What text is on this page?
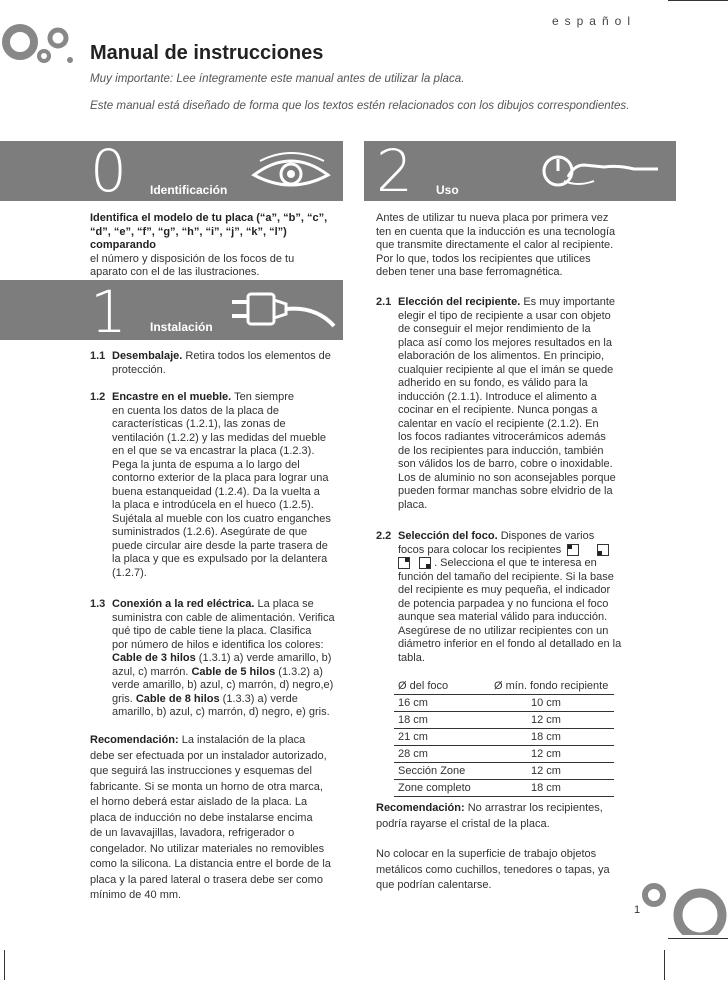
español
Manual de instrucciones
Muy importante: Lee íntegramente este manual antes de utilizar la placa.
Este manual está diseñado de forma que los textos estén relacionados con los dibujos correspondientes.
0 Identificación
Identifica el modelo de tu placa (“a”, “b”, “c”,
“d”, “e”, “f”, “g”, “h”, “i”, “j”, “k”, “l”) comparando
el número y disposición de los focos de tu
aparato con el de las ilustraciones.
1 Instalación
1.1 Desembalaje. Retira todos los elementos de
protección.
1.2 Encastre en el mueble. Ten siempre
en cuenta los datos de la placa de
características (1.2.1), las zonas de
ventilación (1.2.2) y las medidas del mueble
en el que se va encastrar la placa (1.2.3).
Pega la junta de espuma a lo largo del
contorno exterior de la placa para lograr una
buena estanqueidad (1.2.4). Da la vuelta a
la placa e introdúcela en el hueco (1.2.5).
Sujétala al mueble con los cuatro enganches
suministrados (1.2.6). Asegúrate de que
puede circular aire desde la parte trasera de
la placa y que es expulsado por la delantera
(1.2.7).
1.3 Conexión a la red eléctrica. La placa se
suministra con cable de alimentación. Verifica
qué tipo de cable tiene la placa. Clasifica
por número de hilos e identifica los colores:
Cable de 3 hilos (1.3.1) a) verde amarillo, b)
azul, c) marrón. Cable de 5 hilos (1.3.2) a)
verde amarillo, b) azul, c) marrón, d) negro,e)
gris. Cable de 8 hilos (1.3.3) a) verde
amarillo, b) azul, c) marrón, d) negro, e) gris.
Recomendación: La instalación de la placa
debe ser efectuada por un instalador autorizado,
que seguirá las instrucciones y esquemas del
fabricante. Si se monta un horno de otra marca,
el horno deberá estar aislado de la placa. La
placa de inducción no debe instalarse encima
de un lavavajillas, lavadora, refrigerador o
congelador. No utilizar materiales no removibles
como la silicona. La distancia entre el borde de la
placa y la pared lateral o trasera debe ser como
mínimo de 40 mm.
2 Uso
Antes de utilizar tu nueva placa por primera vez
ten en cuenta que la inducción es una tecnología
que transmite directamente el calor al recipiente.
Por lo que, todos los recipientes que utilices
deben tener una base ferromagnética.
2.1 Elección del recipiente. Es muy importante
elegir el tipo de recipiente a usar con objeto
de conseguir el mejor rendimiento de la
placa así como los mejores resultados en la
elaboración de los alimentos. En principio,
cualquier recipiente al que el imán se quede
adherido en su fondo, es válido para la
inducción (2.1.1). Introduce el alimento a
cocinar en el recipiente. Nunca pongas a
calentar en vacío el recipiente (2.1.2). En
los focos radiantes vitrocerámicos además
de los recipientes para inducción, también
son válidos los de barro, cobre o inoxidable.
Los de aluminio no son aconsejables porque
pueden formar manchas sobre elvidrio de la
placa.
2.2 Selección del foco. Dispones de varios
focos para colocar los recipientes

. Selecciona el que te interesa en
función del tamaño del recipiente. Si la base
del recipiente es muy pequeña, el indicador
de potencia parpadea y no funciona el foco
aunque sea material válido para inducción.
Asegúrese de no utilizar recipientes con un
diámetro inferior en el fondo al detallado en la
tabla.
Ø del foco	Ø mín. fondo recipiente
16 cm	10 cm
18 cm	12 cm
21 cm	18 cm
28 cm	12 cm
Sección Zone	12 cm
Zone completo	18 cm
Recomendación: No arrastrar los recipientes,
podría rayarse el cristal de la placa.
No colocar en la superficie de trabajo objetos
metálicos como cuchillos, tenedores o tapas, ya
que podrían calentarse.
1
